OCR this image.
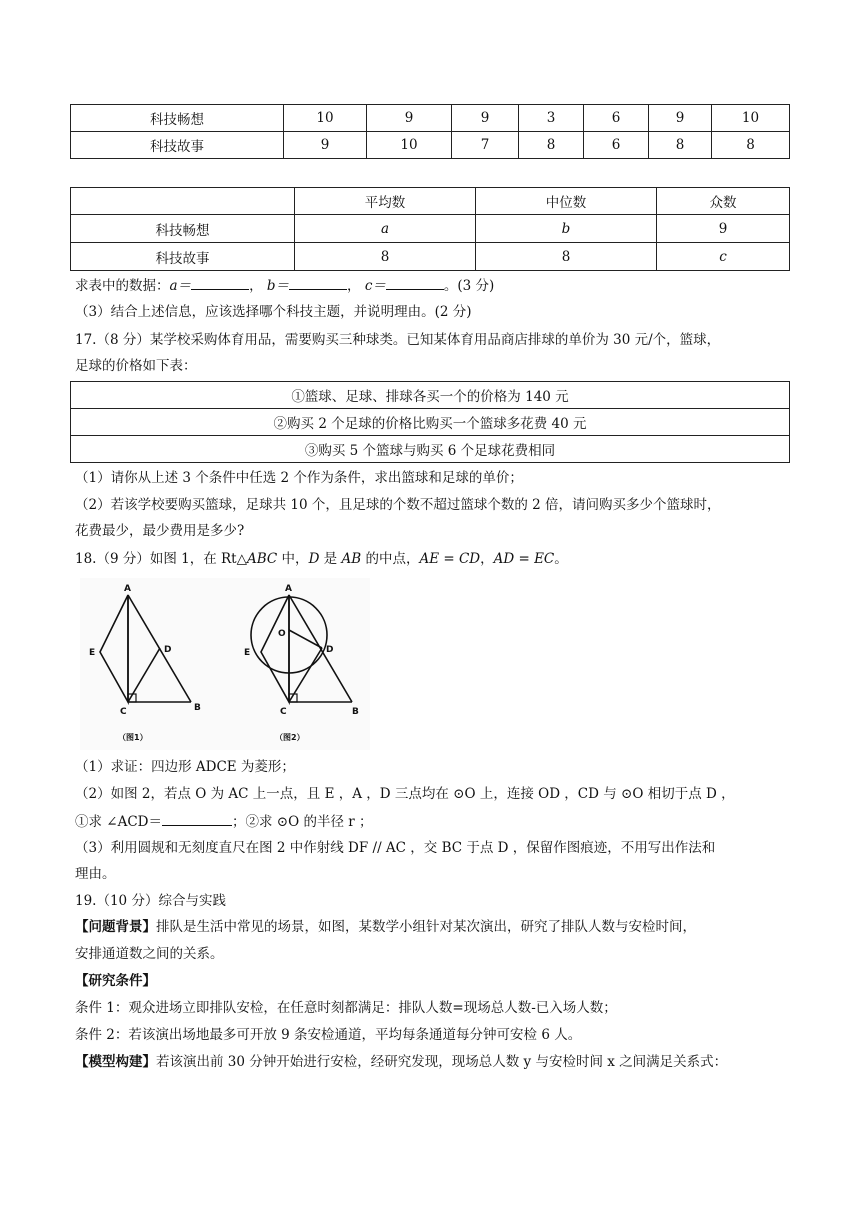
科技畅想	10	9	9	3	6	9	10
科技故事	9	10	7	8	6	8	8
	平均数	中位数	众数
科技畅想	a	b	9
科技故事	8	8	c
求表中的数据：a＝	， b＝	， c＝	。(3 分)
（3）结合上述信息，应该选择哪个科技主题，并说明理由。(2 分)
17.（8 分）某学校采购体育用品，需要购买三种球类。已知某体育用品商店排球的单价为 30 元/个，篮球，
足球的价格如下表：
①篮球、足球、排球各买一个的价格为 140 元
②购买 2 个足球的价格比购买一个篮球多花费 40 元
③购买 5 个篮球与购买 6 个足球花费相同
（1）请你从上述 3 个条件中任选 2 个作为条件，求出篮球和足球的单价；
（2）若该学校要购买篮球，足球共 10 个，且足球的个数不超过篮球个数的 2 倍，请问购买多少个篮球时，
花费最少，最少费用是多少?
18.（9 分）如图 1，在 Rt△ABC 中，D 是 AB 的中点，AE = CD，AD = EC。
A
E	D
C	B
（图1）
A
O
E	D
C	B
（图2）
（1）求证：四边形 ADCE 为菱形；
（2）如图 2，若点 O 为 AC 上一点，且 E ，A ，D 三点均在 ⊙O 上，连接 OD ，CD 与 ⊙O 相切于点 D ，
①求 ∠ACD＝	；②求 ⊙O 的半径 r ；
（3）利用圆规和无刻度直尺在图 2 中作射线 DF // AC ，交 BC 于点 D ，保留作图痕迹，不用写出作法和
理由。
19.（10 分）综合与实践
【问题背景】排队是生活中常见的场景，如图，某数学小组针对某次演出，研究了排队人数与安检时间，
安排通道数之间的关系。
【研究条件】
条件 1：观众进场立即排队安检，在任意时刻都满足：排队人数=现场总人数-已入场人数；
条件 2：若该演出场地最多可开放 9 条安检通道，平均每条通道每分钟可安检 6 人。
【模型构建】若该演出前 30 分钟开始进行安检，经研究发现，现场总人数 y 与安检时间 x 之间满足关系式：
